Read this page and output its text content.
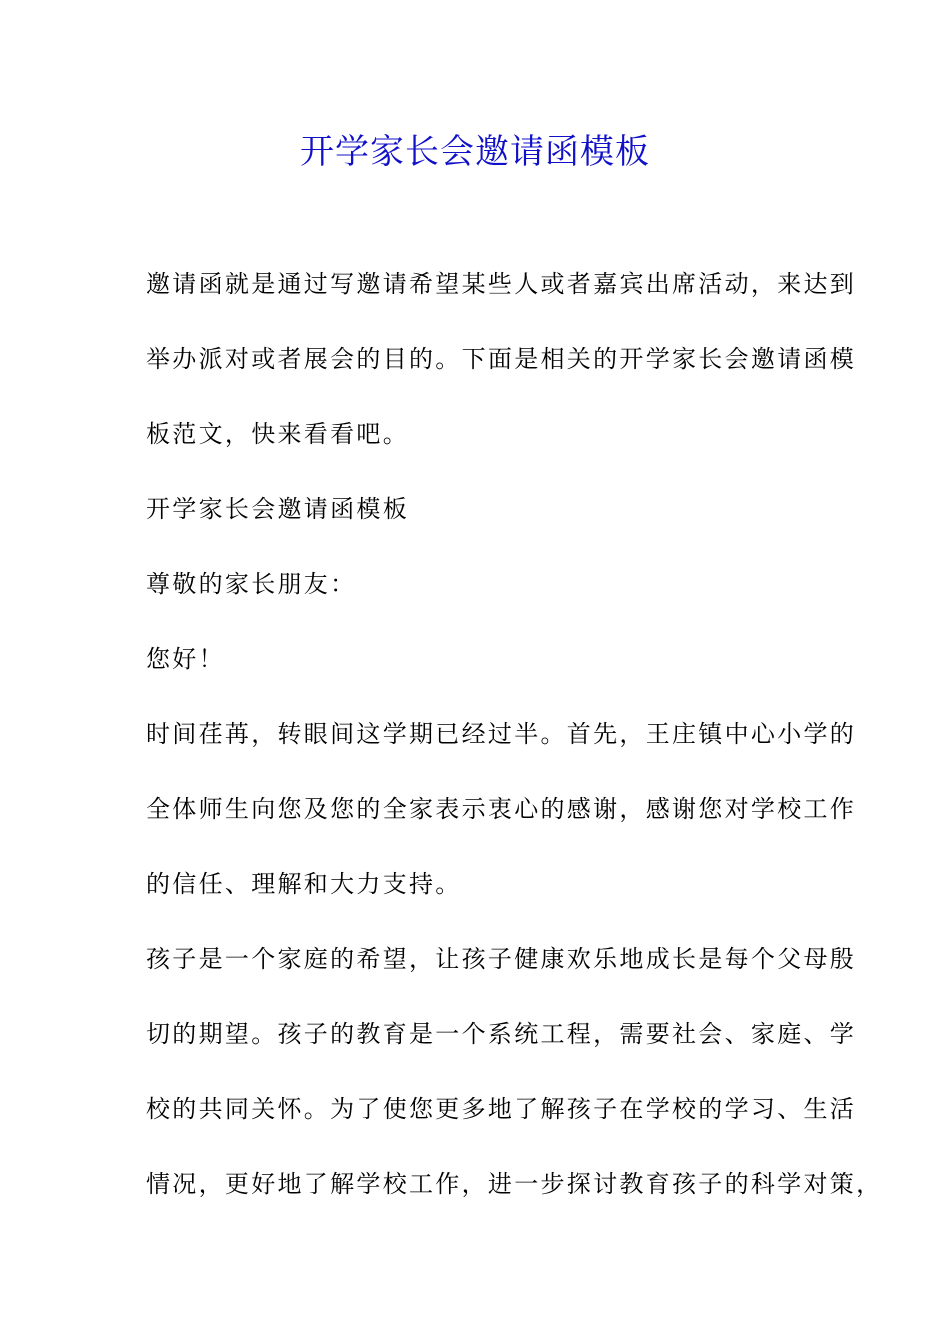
开学家长会邀请函模板
邀请函就是通过写邀请希望某些人或者嘉宾出席活动，来达到
举办派对或者展会的目的。下面是相关的开学家长会邀请函模
板范文，快来看看吧。
开学家长会邀请函模板
尊敬的家长朋友：
您好！
时间荏苒，转眼间这学期已经过半。首先，王庄镇中心小学的
全体师生向您及您的全家表示衷心的感谢，感谢您对学校工作
的信任、理解和大力支持。
孩子是一个家庭的希望，让孩子健康欢乐地成长是每个父母殷
切的期望。孩子的教育是一个系统工程，需要社会、家庭、学
校的共同关怀。为了使您更多地了解孩子在学校的学习、生活
情况，更好地了解学校工作，进一步探讨教育孩子的科学对策，
